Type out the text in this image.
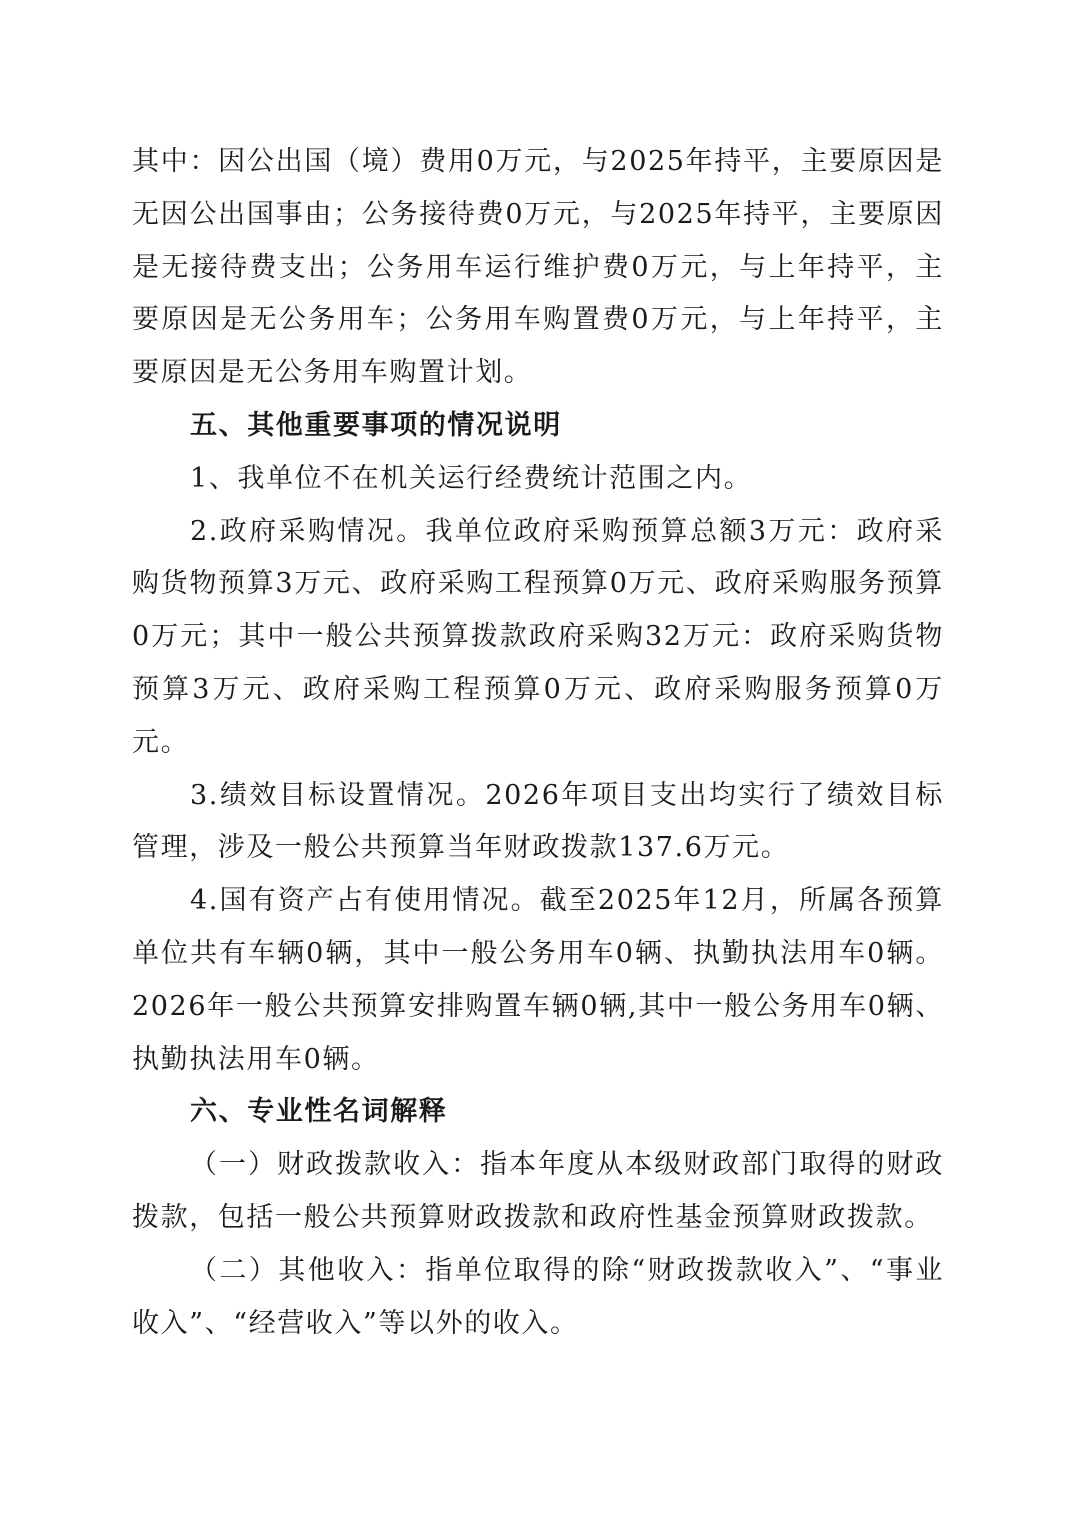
其中：因公出国（境）费用0万元，与2025年持平，主要原因是无因公出国事由；公务接待费0万元，与2025年持平，主要原因是无接待费支出；公务用车运行维护费0万元，与上年持平，主要原因是无公务用车；公务用车购置费0万元，与上年持平，主要原因是无公务用车购置计划。

五、其他重要事项的情况说明

1、我单位不在机关运行经费统计范围之内。

2.政府采购情况。我单位政府采购预算总额3万元：政府采购货物预算3万元、政府采购工程预算0万元、政府采购服务预算0万元；其中一般公共预算拨款政府采购32万元：政府采购货物预算3万元、政府采购工程预算0万元、政府采购服务预算0万元。

3.绩效目标设置情况。2026年项目支出均实行了绩效目标管理，涉及一般公共预算当年财政拨款137.6万元。

4.国有资产占有使用情况。截至2025年12月，所属各预算单位共有车辆0辆，其中一般公务用车0辆、执勤执法用车0辆。2026年一般公共预算安排购置车辆0辆,其中一般公务用车0辆、执勤执法用车0辆。

六、专业性名词解释

（一）财政拨款收入：指本年度从本级财政部门取得的财政拨款，包括一般公共预算财政拨款和政府性基金预算财政拨款。

（二）其他收入：指单位取得的除“财政拨款收入”、“事业收入”、“经营收入”等以外的收入。
